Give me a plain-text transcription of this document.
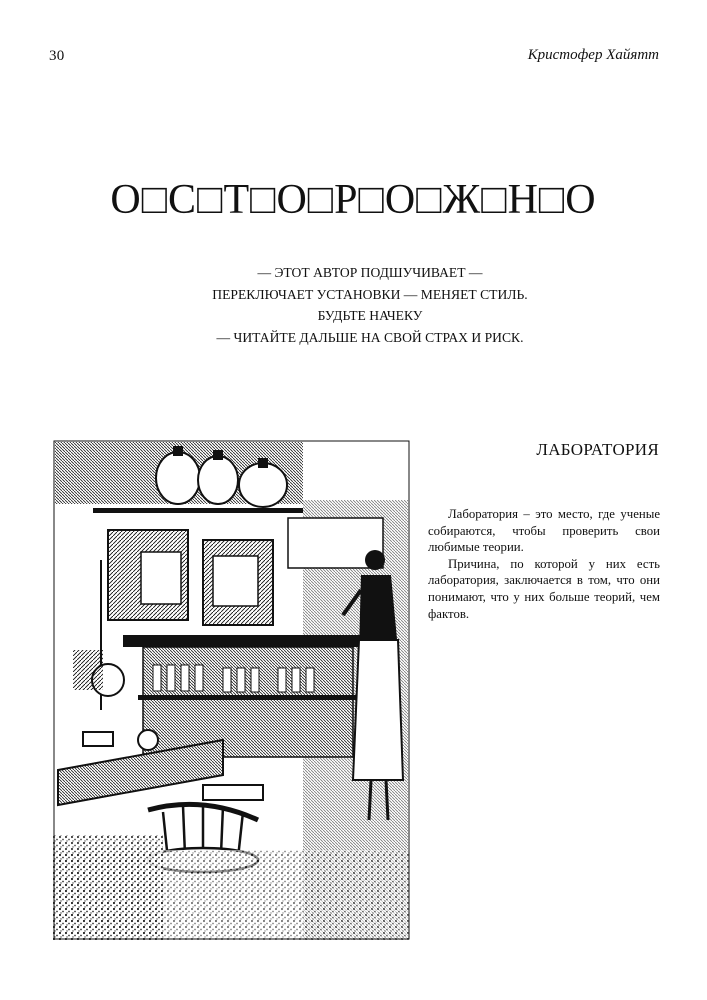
30	Кристофер Хайятт
О□С□Т□О□Р□О□Ж□Н□О
— ЭТОТ АВТОР ПОДШУЧИВАЕТ —
ПЕРЕКЛЮЧАЕТ УСТАНОВКИ — МЕНЯЕТ СТИЛЬ.
БУДЬТЕ НАЧЕКУ
— ЧИТАЙТЕ ДАЛЬШЕ НА СВОЙ СТРАХ И РИСК.
ЛАБОРАТОРИЯ

Лаборатория – это место, где ученые собираются, чтобы проверить свои любимые теории.

Причина, по которой у них есть лаборатория, заключается в том, что они понимают, что у них больше теорий, чем фактов.
